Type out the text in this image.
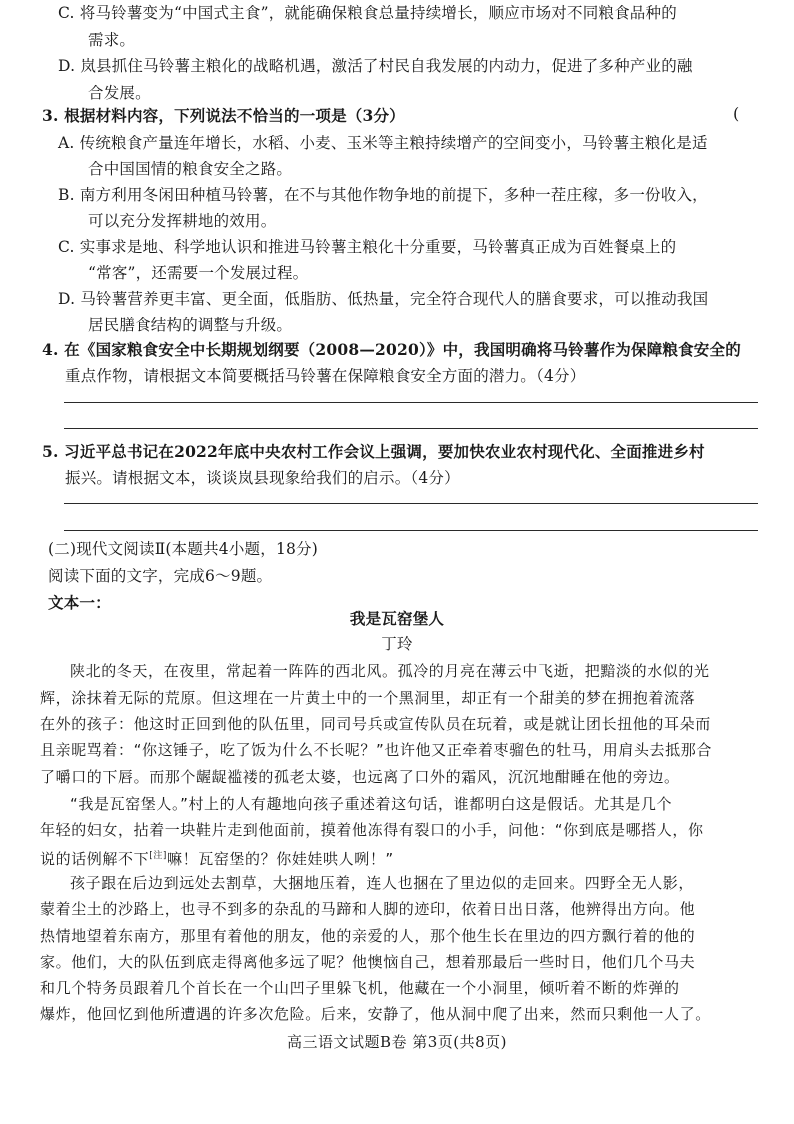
C. 将马铃薯变为“中国式主食”，就能确保粮食总量持续增长，顺应市场对不同粮食品种的
需求。
D. 岚县抓住马铃薯主粮化的战略机遇，激活了村民自我发展的内动力，促进了多种产业的融
合发展。
3. 根据材料内容，下列说法不恰当的一项是（3分）	(
A. 传统粮食产量连年增长，水稻、小麦、玉米等主粮持续增产的空间变小，马铃薯主粮化是适
合中国国情的粮食安全之路。
B. 南方利用冬闲田种植马铃薯，在不与其他作物争地的前提下，多种一茬庄稼，多一份收入，
可以充分发挥耕地的效用。
C. 实事求是地、科学地认识和推进马铃薯主粮化十分重要，马铃薯真正成为百姓餐桌上的
“常客”，还需要一个发展过程。
D. 马铃薯营养更丰富、更全面，低脂肪、低热量，完全符合现代人的膳食要求，可以推动我国
居民膳食结构的调整与升级。
4. 在《国家粮食安全中长期规划纲要（2008—2020）》中，我国明确将马铃薯作为保障粮食安全的
重点作物，请根据文本简要概括马铃薯在保障粮食安全方面的潜力。（4分）
5. 习近平总书记在2022年底中央农村工作会议上强调，要加快农业农村现代化、全面推进乡村
振兴。请根据文本，谈谈岚县现象给我们的启示。（4分）
(二)现代文阅读Ⅱ(本题共4小题，18分)
阅读下面的文字，完成6～9题。
文本一：
我是瓦窑堡人
丁玲
陕北的冬天，在夜里，常起着一阵阵的西北风。孤冷的月亮在薄云中飞逝，把黯淡的水似的光
辉，涂抹着无际的荒原。但这埋在一片黄土中的一个黑洞里，却正有一个甜美的梦在拥抱着流落
在外的孩子：他这时正回到他的队伍里，同司号兵或宣传队员在玩着，或是就让团长扭他的耳朵而
且亲昵骂着：“你这锤子，吃了饭为什么不长呢？”也许他又正牵着枣骝色的牡马，用肩头去抵那合
了嚼口的下唇。而那个龌龊褴褛的孤老太婆，也远离了口外的霜风，沉沉地酣睡在他的旁边。
“我是瓦窑堡人。”村上的人有趣地向孩子重述着这句话，谁都明白这是假话。尤其是几个
年轻的妇女，拈着一块鞋片走到他面前，摸着他冻得有裂口的小手，问他：“你到底是哪搭人，你
说的话例解不下[注]嘛！瓦窑堡的？你娃娃哄人咧！”
孩子跟在后边到远处去割草，大捆地压着，连人也捆在了里边似的走回来。四野全无人影，
蒙着尘土的沙路上，也寻不到多的杂乱的马蹄和人脚的迹印，依着日出日落，他辨得出方向。他
热情地望着东南方，那里有着他的朋友，他的亲爱的人，那个他生长在里边的四方飘行着的他的
家。他们，大的队伍到底走得离他多远了呢？他懊恼自己，想着那最后一些时日，他们几个马夫
和几个特务员跟着几个首长在一个山凹子里躲飞机，他藏在一个小洞里，倾听着不断的炸弹的
爆炸，他回忆到他所遭遇的许多次危险。后来，安静了，他从洞中爬了出来，然而只剩他一人了。
高三语文试题B卷 第3页(共8页)
